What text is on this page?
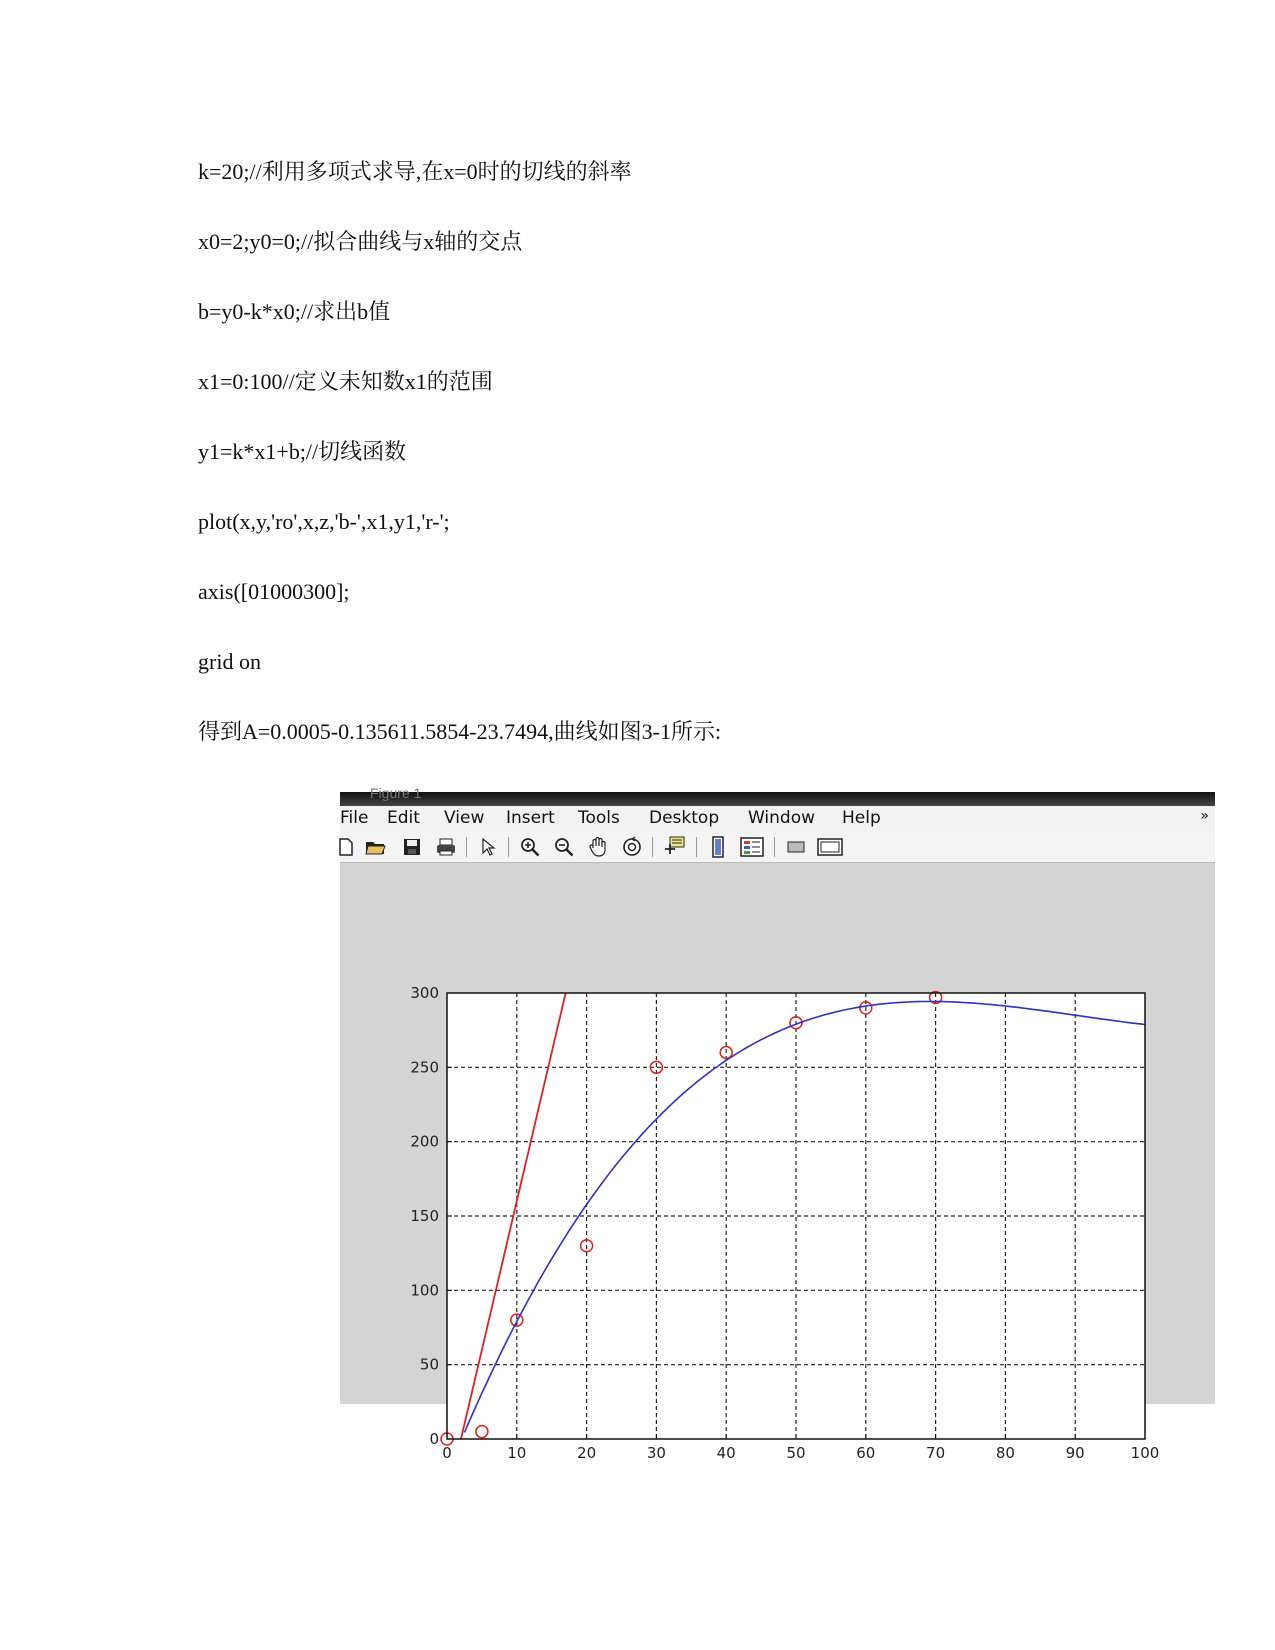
k=20;//利用多项式求导,在x=0时的切线的斜率
x0=2;y0=0;//拟合曲线与x轴的交点
b=y0-k*x0;//求出b值
x1=0:100//定义未知数x1的范围
y1=k*x1+b;//切线函数
plot(x,y,'ro',x,z,'b-',x1,y1,'r-';
axis([01000300];
grid on
得到A=0.0005-0.135611.5854-23.7494,曲线如图3-1所示:
Figure 1
File Edit View Insert Tools Desktop Window Help	»
0	10	20	30	40	50	60	70	80	90	100
0
50
100
150
200
250
300
